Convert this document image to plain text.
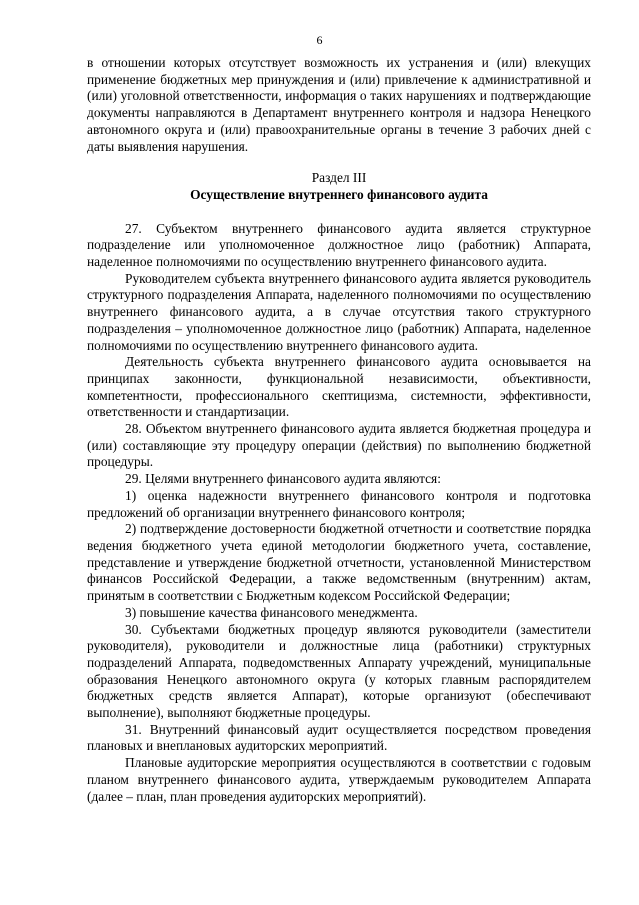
6

в отношении которых отсутствует возможность их устранения и (или) влекущих применение бюджетных мер принуждения и (или) привлечение к административной и (или) уголовной ответственности, информация о таких нарушениях и подтверждающие документы направляются в Департамент внутреннего контроля и надзора Ненецкого автономного округа и (или) правоохранительные органы в течение 3 рабочих дней с даты выявления нарушения.

Раздел III

Осуществление внутреннего финансового аудита

27. Субъектом внутреннего финансового аудита является структурное подразделение или уполномоченное должностное лицо (работник) Аппарата, наделенное полномочиями по осуществлению внутреннего финансового аудита.

Руководителем субъекта внутреннего финансового аудита является руководитель структурного подразделения Аппарата, наделенного полномочиями по осуществлению внутреннего финансового аудита, а в случае отсутствия такого структурного подразделения – уполномоченное должностное лицо (работник) Аппарата, наделенное полномочиями по осуществлению внутреннего финансового аудита.

Деятельность субъекта внутреннего финансового аудита основывается на принципах законности, функциональной независимости, объективности, компетентности, профессионального скептицизма, системности, эффективности, ответственности и стандартизации.

28. Объектом внутреннего финансового аудита является бюджетная процедура и (или) составляющие эту процедуру операции (действия) по выполнению бюджетной процедуры.

29. Целями внутреннего финансового аудита являются:

1) оценка надежности внутреннего финансового контроля и подготовка предложений об организации внутреннего финансового контроля;

2) подтверждение достоверности бюджетной отчетности и соответствие порядка ведения бюджетного учета единой методологии бюджетного учета, составление, представление и утверждение бюджетной отчетности, установленной Министерством финансов Российской Федерации, а также ведомственным (внутренним) актам, принятым в соответствии с Бюджетным кодексом Российской Федерации;

3) повышение качества финансового менеджмента.

30. Субъектами бюджетных процедур являются руководители (заместители руководителя), руководители и должностные лица (работники) структурных подразделений Аппарата, подведомственных Аппарату учреждений, муниципальные образования Ненецкого автономного округа (у которых главным распорядителем бюджетных средств является Аппарат), которые организуют (обеспечивают выполнение), выполняют бюджетные процедуры.

31. Внутренний финансовый аудит осуществляется посредством проведения плановых и внеплановых аудиторских мероприятий.

Плановые аудиторские мероприятия осуществляются в соответствии с годовым планом внутреннего финансового аудита, утверждаемым руководителем Аппарата (далее – план, план проведения аудиторских мероприятий).
